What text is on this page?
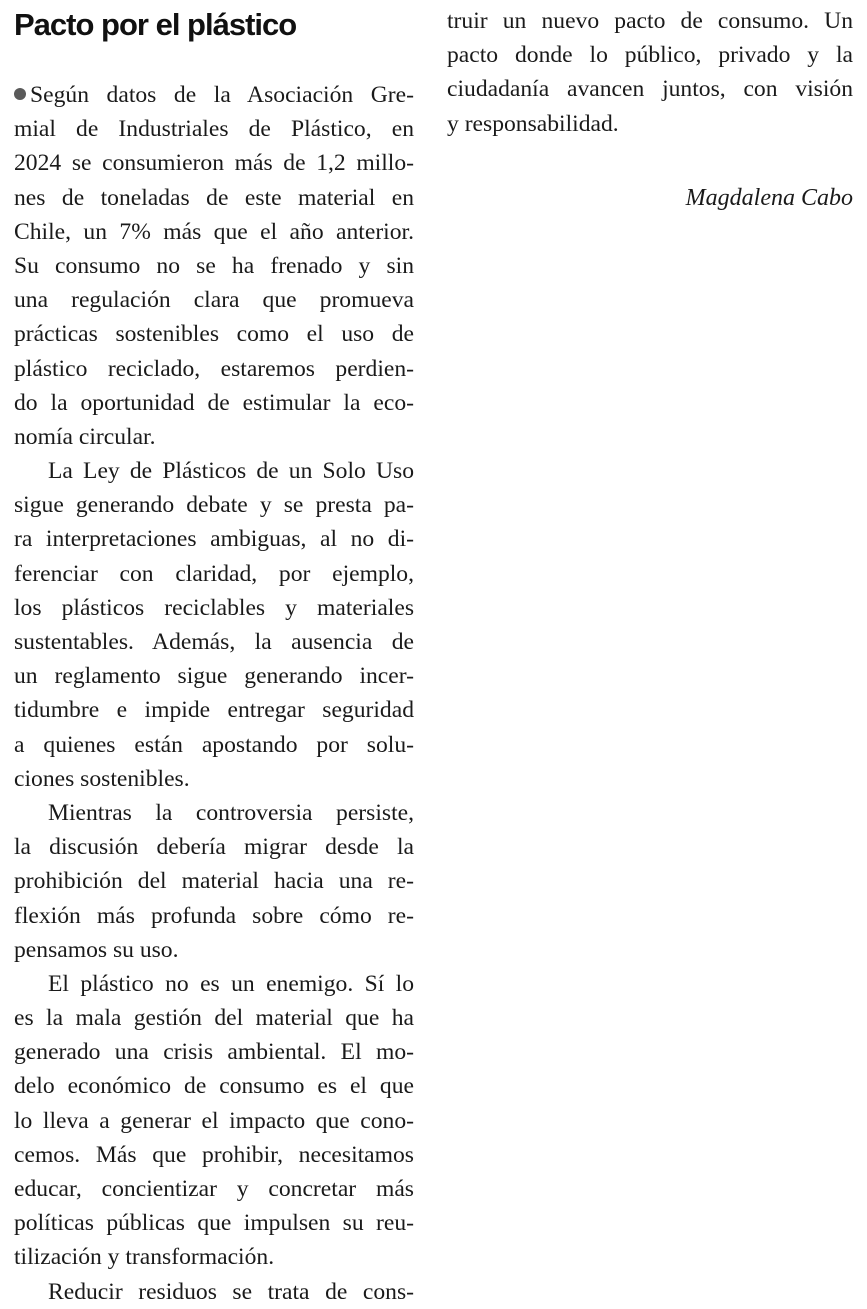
Pacto por el plástico
Según datos de la Asociación Gre-
mial de Industriales de Plástico, en
2024 se consumieron más de 1,2 millo-
nes de toneladas de este material en
Chile, un 7% más que el año anterior.
Su consumo no se ha frenado y sin
una regulación clara que promueva
prácticas sostenibles como el uso de
plástico reciclado, estaremos perdien-
do la oportunidad de estimular la eco-
nomía circular.
La Ley de Plásticos de un Solo Uso
sigue generando debate y se presta pa-
ra interpretaciones ambiguas, al no di-
ferenciar con claridad, por ejemplo,
los plásticos reciclables y materiales
sustentables. Además, la ausencia de
un reglamento sigue generando incer-
tidumbre e impide entregar seguridad
a quienes están apostando por solu-
ciones sostenibles.
Mientras la controversia persiste,
la discusión debería migrar desde la
prohibición del material hacia una re-
flexión más profunda sobre cómo re-
pensamos su uso.
El plástico no es un enemigo. Sí lo
es la mala gestión del material que ha
generado una crisis ambiental. El mo-
delo económico de consumo es el que
lo lleva a generar el impacto que cono-
cemos. Más que prohibir, necesitamos
educar, concientizar y concretar más
políticas públicas que impulsen su reu-
tilización y transformación.
Reducir residuos se trata de cons-
truir un nuevo pacto de consumo. Un
pacto donde lo público, privado y la
ciudadanía avancen juntos, con visión
y responsabilidad.
Magdalena Cabo
